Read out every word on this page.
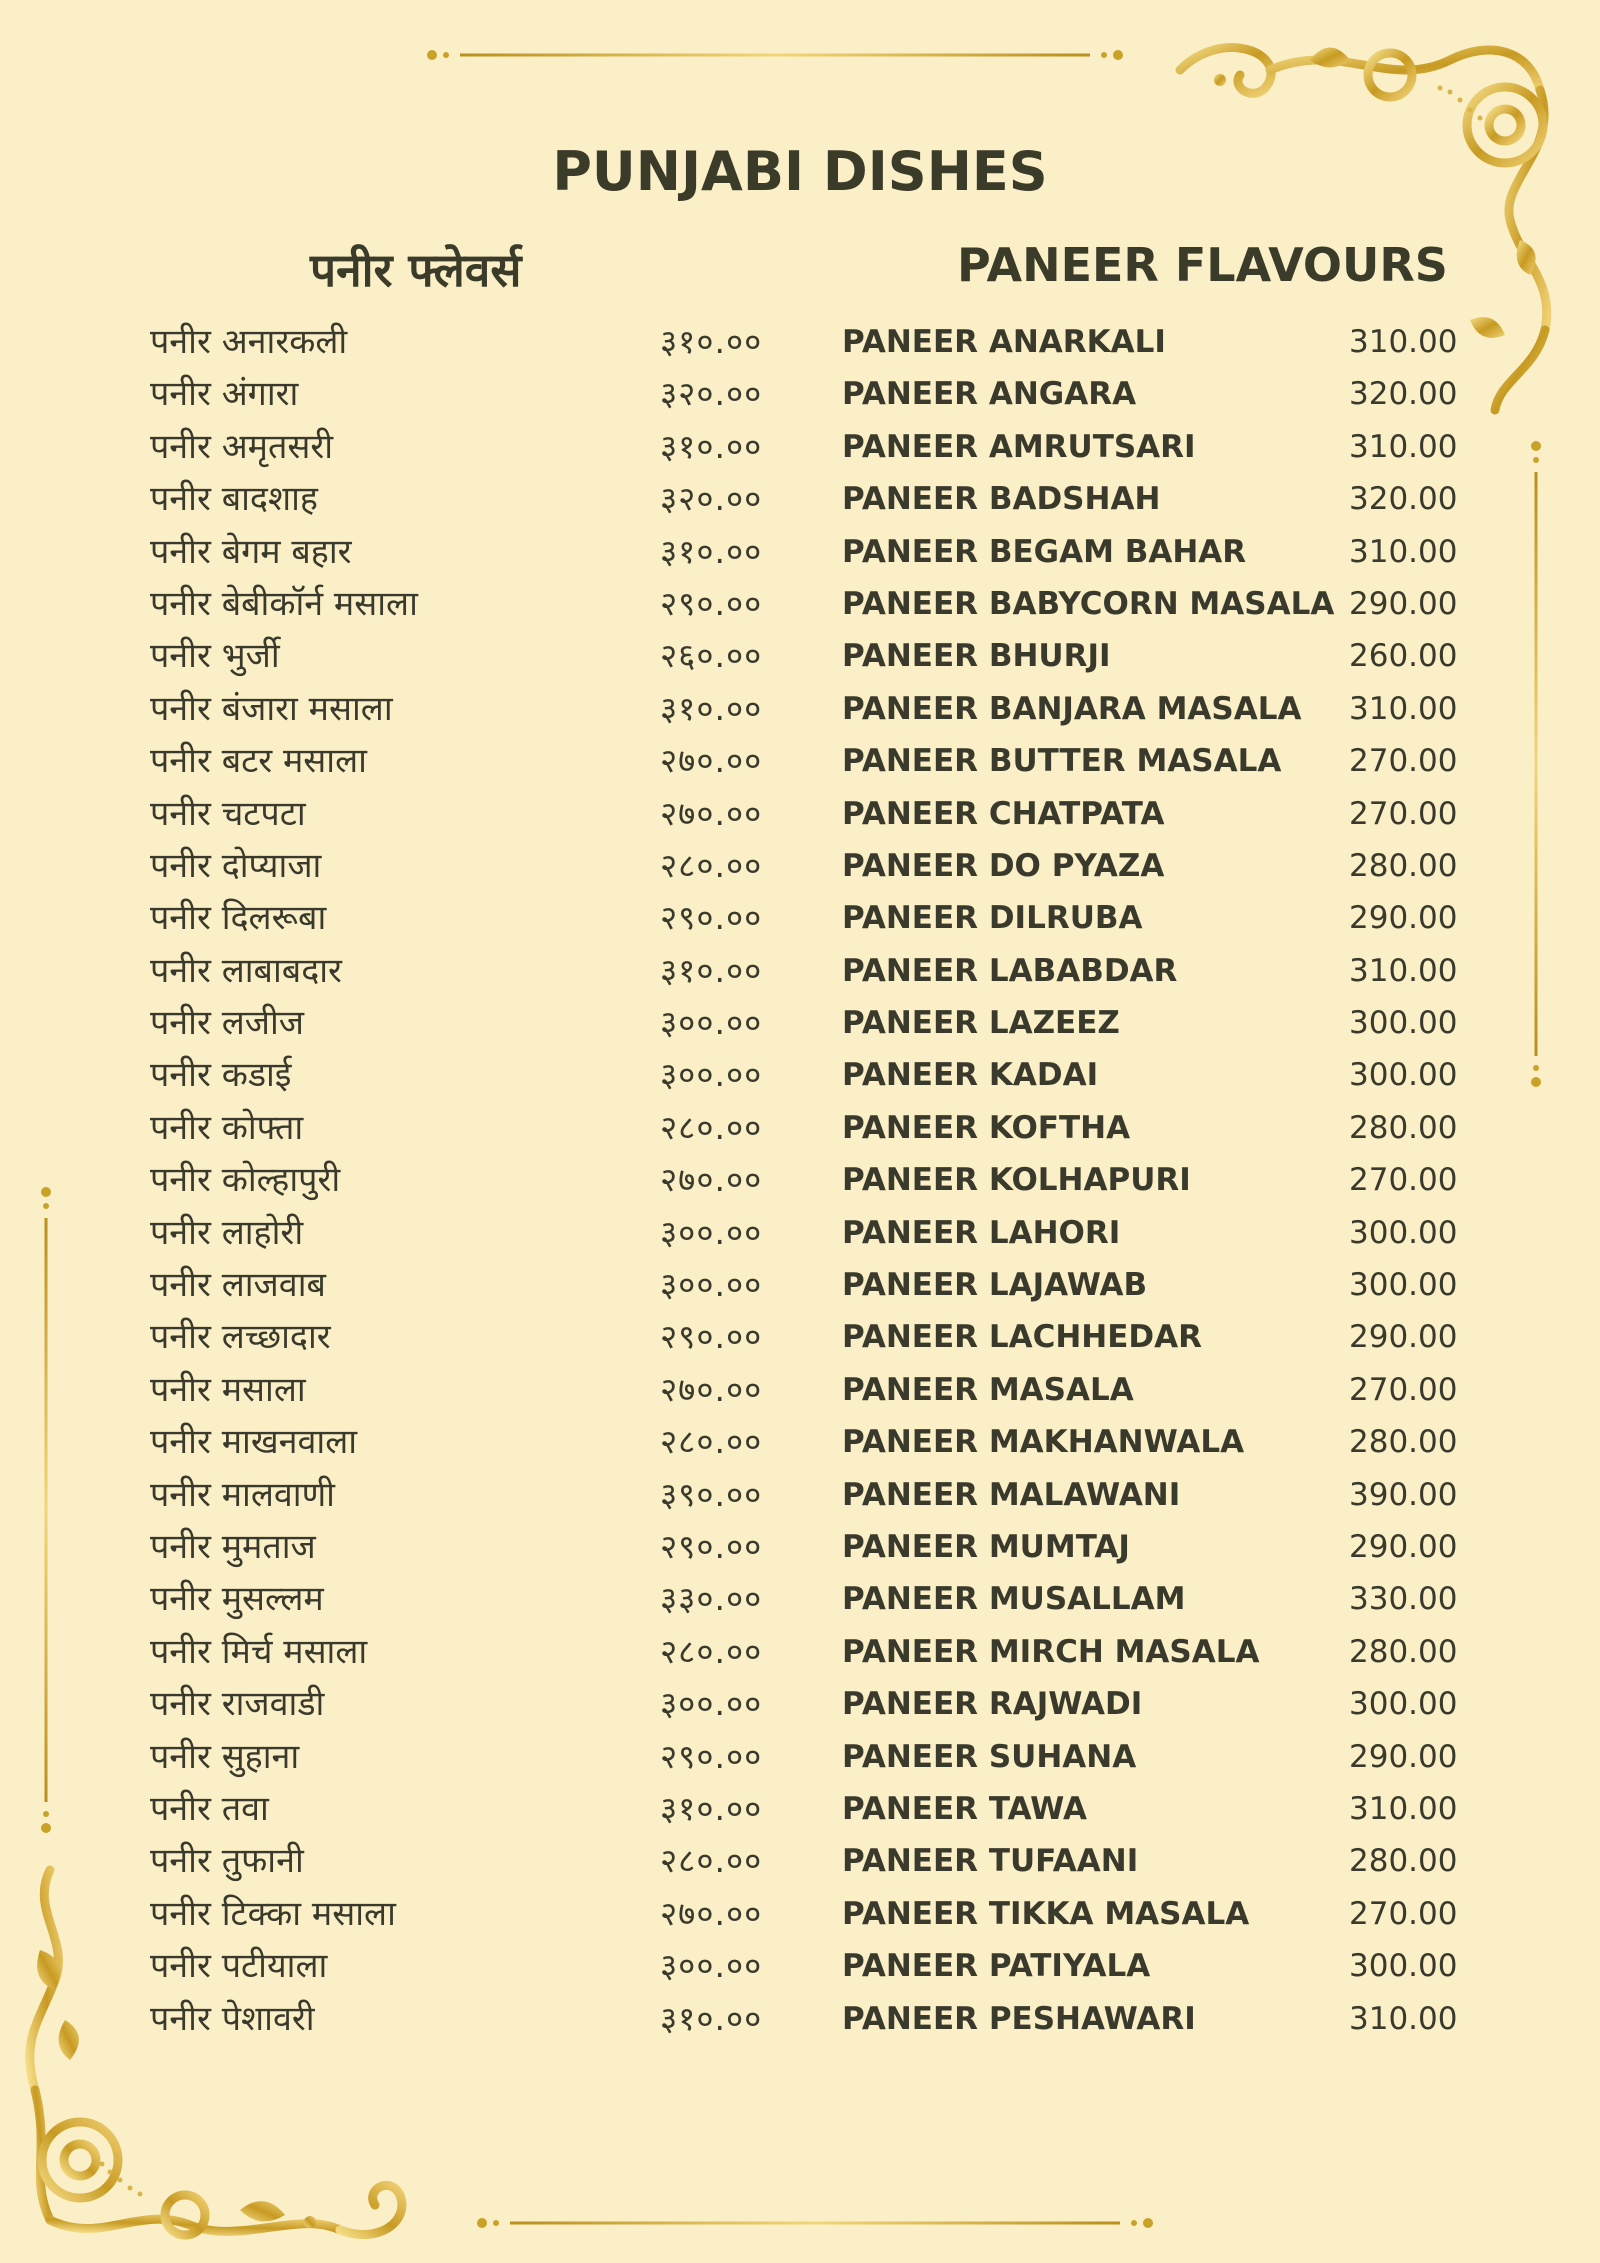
PUNJABI DISHES
पनीर फ्लेवर्स	PANEER FLAVOURS
पनीर अनारकली	३१०.००	PANEER ANARKALI	310.00
पनीर अंगारा	३२०.००	PANEER ANGARA	320.00
पनीर अमृतसरी	३१०.००	PANEER AMRUTSARI	310.00
पनीर बादशाह	३२०.००	PANEER BADSHAH	320.00
पनीर बेगम बहार	३१०.००	PANEER BEGAM BAHAR	310.00
पनीर बेबीकॉर्न मसाला	२९०.००	PANEER BABYCORN MASALA 290.00
पनीर भुर्जी	२६०.००	PANEER BHURJI	260.00
पनीर बंजारा मसाला	३१०.००	PANEER BANJARA MASALA 310.00
पनीर बटर मसाला	२७०.००	PANEER BUTTER MASALA 270.00
पनीर चटपटा	२७०.००	PANEER CHATPATA	270.00
पनीर दोप्याजा	२८०.००	PANEER DO PYAZA	280.00
पनीर दिलरूबा	२९०.००	PANEER DILRUBA	290.00
पनीर लाबाबदार	३१०.००	PANEER LABABDAR	310.00
पनीर लजीज	३००.००	PANEER LAZEEZ	300.00
पनीर कडाई	३००.००	PANEER KADAI	300.00
पनीर कोफ्ता	२८०.००	PANEER KOFTHA	280.00
पनीर कोल्हापुरी	२७०.००	PANEER KOLHAPURI	270.00
पनीर लाहोरी	३००.००	PANEER LAHORI	300.00
पनीर लाजवाब	३००.००	PANEER LAJAWAB	300.00
पनीर लच्छादार	२९०.००	PANEER LACHHEDAR	290.00
पनीर मसाला	२७०.००	PANEER MASALA	270.00
पनीर माखनवाला	२८०.००	PANEER MAKHANWALA	280.00
पनीर मालवाणी	३९०.००	PANEER MALAWANI	390.00
पनीर मुमताज	२९०.००	PANEER MUMTAJ	290.00
पनीर मुसल्लम	३३०.००	PANEER MUSALLAM	330.00
पनीर मिर्च मसाला	२८०.००	PANEER MIRCH MASALA	280.00
पनीर राजवाडी	३००.००	PANEER RAJWADI	300.00
पनीर सुहाना	२९०.००	PANEER SUHANA	290.00
पनीर तवा	३१०.००	PANEER TAWA	310.00
पनीर तुफानी	२८०.००	PANEER TUFAANI	280.00
पनीर टिक्का मसाला	२७०.००	PANEER TIKKA MASALA	270.00
पनीर पटीयाला	३००.००	PANEER PATIYALA	300.00
पनीर पेशावरी	३१०.००	PANEER PESHAWARI	310.00
